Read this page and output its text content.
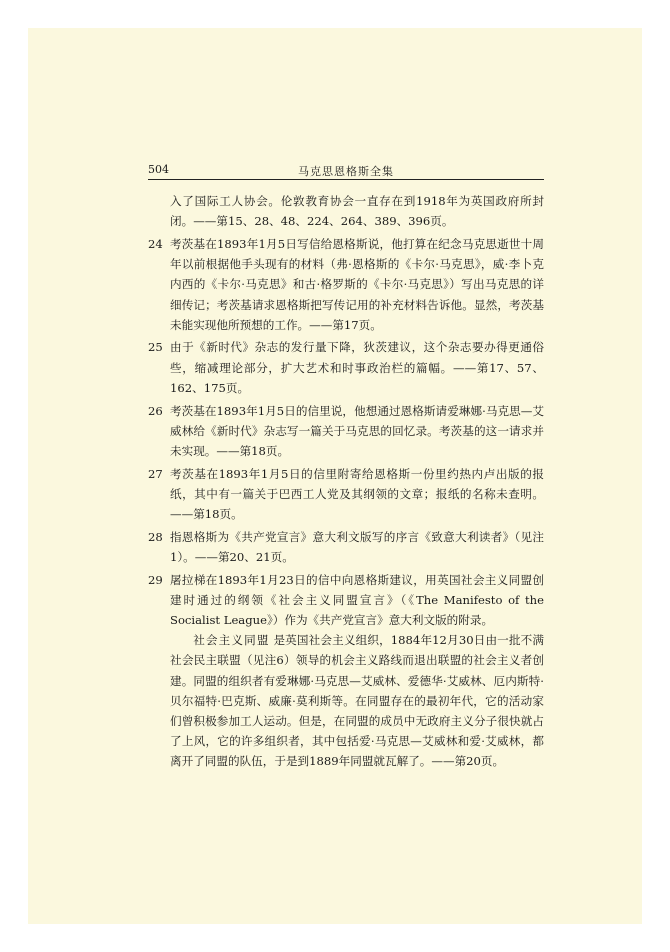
504	马克思恩格斯全集
入了国际工人协会。伦敦教育协会一直存在到1918年为英国政府所封闭。——第15、28、48、224、264、389、396页。
24 考茨基在1893年1月5日写信给恩格斯说，他打算在纪念马克思逝世十周年以前根据他手头现有的材料（弗·恩格斯的《卡尔·马克思》，威·李卜克内西的《卡尔·马克思》和古·格罗斯的《卡尔·马克思》）写出马克思的详细传记；考茨基请求恩格斯把写传记用的补充材料告诉他。显然，考茨基未能实现他所预想的工作。——第17页。
25 由于《新时代》杂志的发行量下降，狄茨建议，这个杂志要办得更通俗些，缩减理论部分，扩大艺术和时事政治栏的篇幅。——第17、57、162、175页。
26 考茨基在1893年1月5日的信里说，他想通过恩格斯请爱琳娜·马克思—艾威林给《新时代》杂志写一篇关于马克思的回忆录。考茨基的这一请求并未实现。——第18页。
27 考茨基在1893年1月5日的信里附寄给恩格斯一份里约热内卢出版的报纸，其中有一篇关于巴西工人党及其纲领的文章；报纸的名称未查明。——第18页。
28 指恩格斯为《共产党宣言》意大利文版写的序言《致意大利读者》（见注1）。——第20、21页。
29 屠拉梯在1893年1月23日的信中向恩格斯建议，用英国社会主义同盟创建时通过的纲领《社会主义同盟宣言》（《The Manifesto of the Socialist League》）作为《共产党宣言》意大利文版的附录。
社会主义同盟 是英国社会主义组织，1884年12月30日由一批不满社会民主联盟（见注6）领导的机会主义路线而退出联盟的社会主义者创建。同盟的组织者有爱琳娜·马克思—艾威林、爱德华·艾威林、厄内斯特·贝尔福特·巴克斯、威廉·莫利斯等。在同盟存在的最初年代，它的活动家们曾积极参加工人运动。但是，在同盟的成员中无政府主义分子很快就占了上风，它的许多组织者，其中包括爱·马克思—艾威林和爱·艾威林，都离开了同盟的队伍，于是到1889年同盟就瓦解了。——第20页。
